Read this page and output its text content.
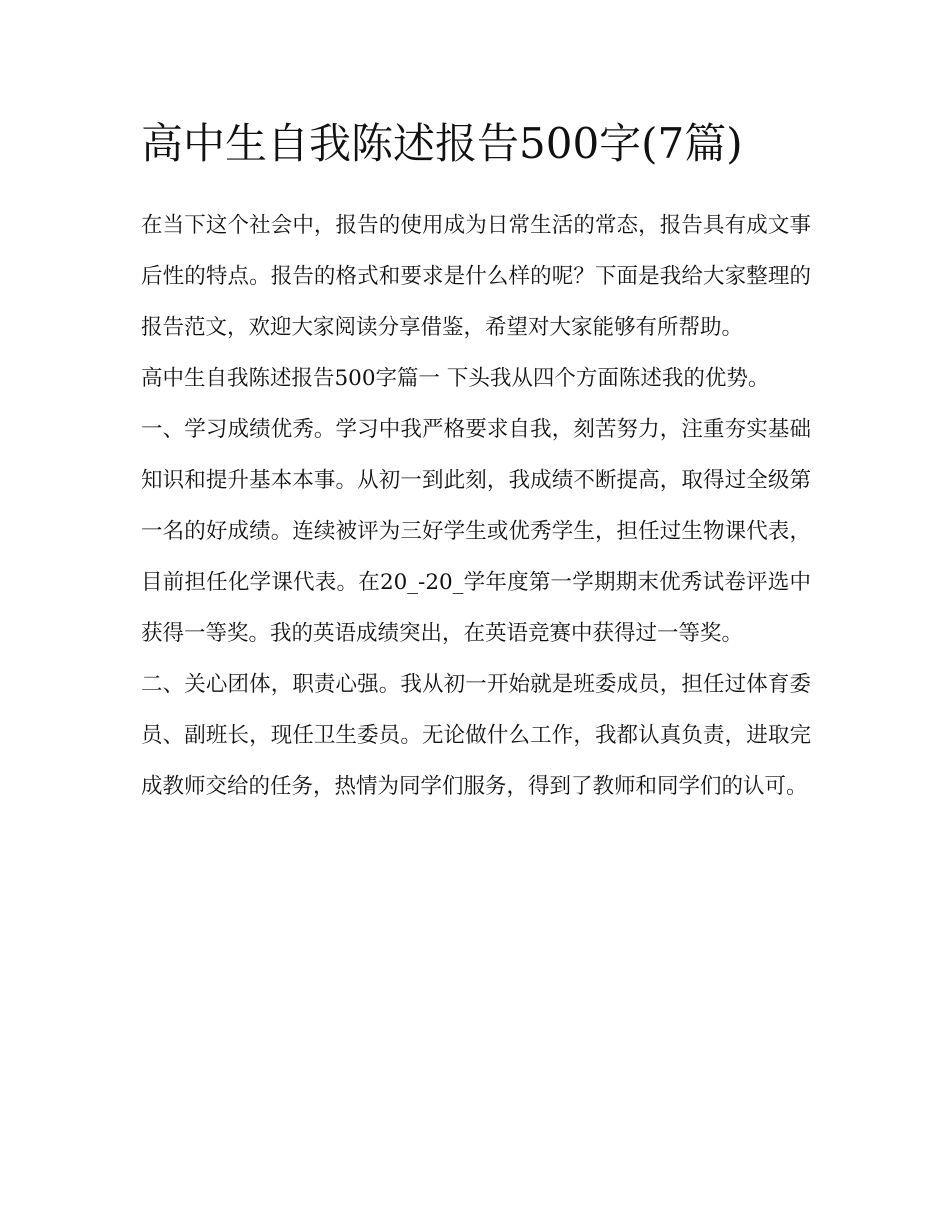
高中生自我陈述报告500字(7篇)

在当下这个社会中，报告的使用成为日常生活的常态，报告具有成文事后性的特点。报告的格式和要求是什么样的呢？下面是我给大家整理的报告范文，欢迎大家阅读分享借鉴，希望对大家能够有所帮助。

高中生自我陈述报告500字篇一 下头我从四个方面陈述我的优势。

一、学习成绩优秀。学习中我严格要求自我，刻苦努力，注重夯实基础知识和提升基本本事。从初一到此刻，我成绩不断提高，取得过全级第一名的好成绩。连续被评为三好学生或优秀学生，担任过生物课代表，目前担任化学课代表。在20_-20_学年度第一学期期末优秀试卷评选中获得一等奖。我的英语成绩突出，在英语竞赛中获得过一等奖。

二、关心团体，职责心强。我从初一开始就是班委成员，担任过体育委员、副班长，现任卫生委员。无论做什么工作，我都认真负责，进取完成教师交给的任务，热情为同学们服务，得到了教师和同学们的认可。
